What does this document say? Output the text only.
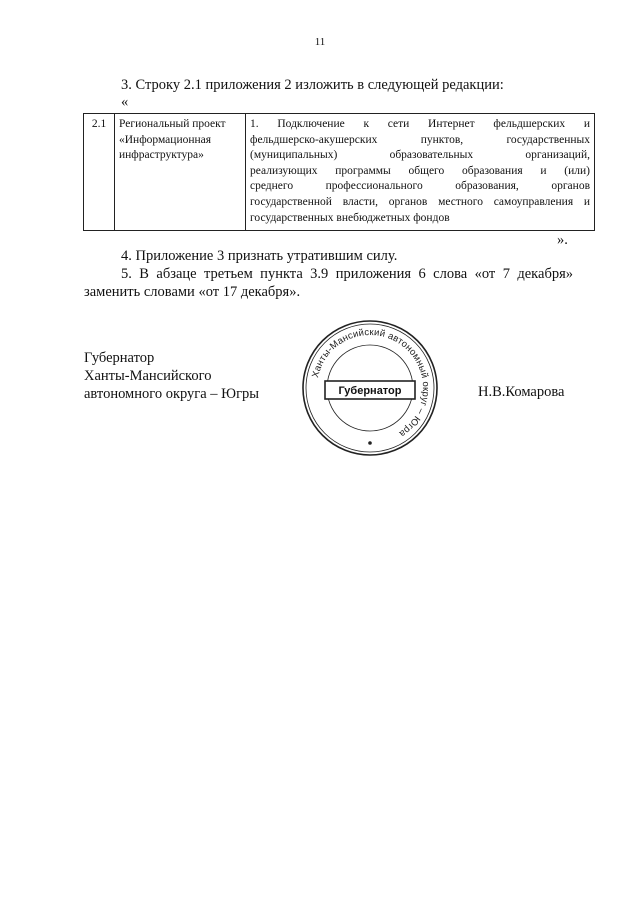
11
3. Строку 2.1 приложения 2 изложить в следующей редакции:
«
2.1	Региональный проект
«Информационная
инфраструктура»

1. Подключение к сети Интернет фельдшерских и
фельдшерско-акушерских пунктов, государственных
(муниципальных) образовательных организаций,
реализующих программы общего образования и (или)
среднего профессионального образования, органов
государственной власти, органов местного самоуправления и
государственных внебюджетных фондов
».
4. Приложение 3 признать утратившим силу.
5. В абзаце третьем пункта 3.9 приложения 6 слова «от 7 декабря»
заменить словами «от 17 декабря».
Губернатор
Ханты-Мансийского
автономного округа – Югры
Ханты-Мансийский автономный округ – Югра
Губернатор	Н.В.Комарова
